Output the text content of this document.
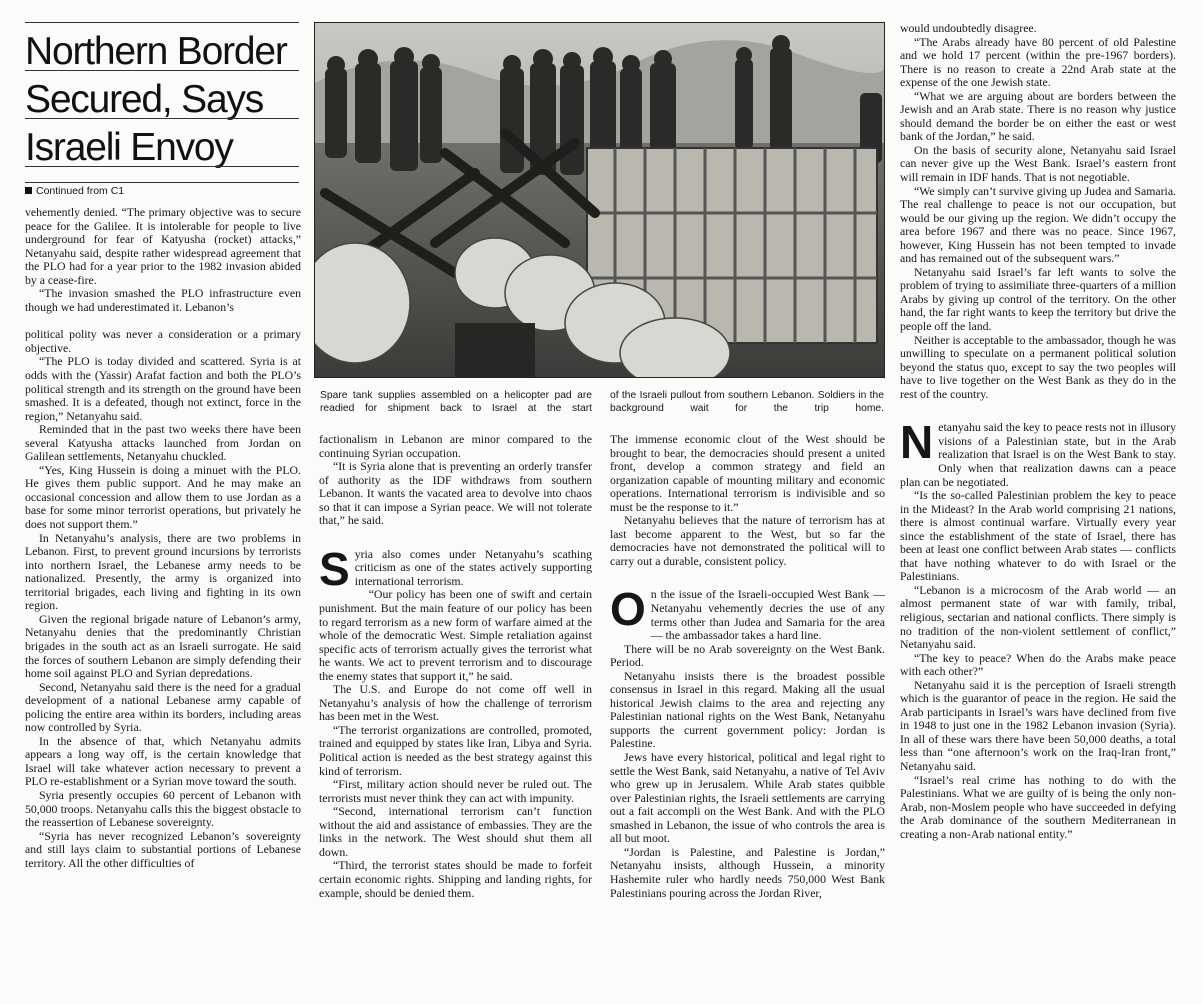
Northern Border
Secured, Says
Israeli Envoy
Continued from C1

vehemently denied. “The primary objective was to secure peace for the Galilee. It is intolerable for people to live underground for fear of Katyusha (rocket) attacks,” Netanyahu said, despite rather widespread agreement that the PLO had for a year prior to the 1982 invasion abided by a cease-fire.

“The invasion smashed the PLO infrastructure even though we had underestimated it. Lebanon’s

political polity was never a consideration or a primary objective.

“The PLO is today divided and scattered. Syria is at odds with the (Yassir) Arafat faction and both the PLO’s political strength and its strength on the ground have been smashed. It is a defeated, though not extinct, force in the region,” Netanyahu said.

Reminded that in the past two weeks there have been several Katyusha attacks launched from Jordan on Galilean settlements, Netanyahu chuckled.

“Yes, King Hussein is doing a minuet with the PLO. He gives them public support. And he may make an occasional concession and allow them to use Jordan as a base for some minor terrorist operations, but privately he does not support them.”

In Netanyahu’s analysis, there are two problems in Lebanon. First, to prevent ground incursions by terrorists into northern Israel, the Lebanese army needs to be nationalized. Presently, the army is organized into territorial brigades, each living and fighting in its own region.

Given the regional brigade nature of Lebanon’s army, Netanyahu denies that the predominantly Christian brigades in the south act as an Israeli surrogate. He said the forces of southern Lebanon are simply defending their home soil against PLO and Syrian depredations.

Second, Netanyahu said there is the need for a gradual development of a national Lebanese army capable of policing the entire area within its borders, including areas now controlled by Syria.

In the absence of that, which Netanyahu admits appears a long way off, is the certain knowledge that Israel will take whatever action necessary to prevent a PLO re-establishment or a Syrian move toward the south.

Syria presently occupies 60 percent of Lebanon with 50,000 troops. Netanyahu calls this the biggest obstacle to the reassertion of Lebanese sovereignty.

“Syria has never recognized Lebanon’s sovereignty and still lays claim to substantial portions of Lebanese territory. All the other difficulties of

Spare tank supplies assembled on a helicopter pad are readied for shipment back to Israel at the start
of the Israeli pullout from southern Lebanon. Soldiers in the background wait for the trip home.

factionalism in Lebanon are minor compared to the continuing Syrian occupation.

“It is Syria alone that is preventing an orderly transfer of authority as the IDF withdraws from southern Lebanon. It wants the vacated area to devolve into chaos so that it can impose a Syrian peace. We will not tolerate that,” he said.

Syria also comes under Netanyahu’s scathing criticism as one of the states actively supporting international terrorism.

“Our policy has been one of swift and certain punishment. But the main feature of our policy has been to regard terrorism as a new form of warfare aimed at the whole of the democratic West. Simple retaliation against specific acts of terrorism actually gives the terrorist what he wants. We act to prevent terrorism and to discourage the enemy states that support it,” he said.

The U.S. and Europe do not come off well in Netanyahu’s analysis of how the challenge of terrorism has been met in the West.

“The terrorist organizations are controlled, promoted, trained and equipped by states like Iran, Libya and Syria. Political action is needed as the best strategy against this kind of terrorism.

“First, military action should never be ruled out. The terrorists must never think they can act with impunity.

“Second, international terrorism can’t function without the aid and assistance of embassies. They are the links in the network. The West should shut them all down.

“Third, the terrorist states should be made to forfeit certain economic rights. Shipping and landing rights, for example, should be denied them.

The immense economic clout of the West should be brought to bear, the democracies should present a united front, develop a common strategy and field an organization capable of mounting military and economic operations. International terrorism is indivisible and so must be the response to it.”

Netanyahu believes that the nature of terrorism has at last become apparent to the West, but so far the democracies have not demonstrated the political will to carry out a durable, consistent policy.

On the issue of the Israeli-occupied West Bank — Netanyahu vehemently decries the use of any terms other than Judea and Samaria for the area — the ambassador takes a hard line.

There will be no Arab sovereignty on the West Bank. Period.

Netanyahu insists there is the broadest possible consensus in Israel in this regard. Making all the usual historical Jewish claims to the area and rejecting any Palestinian national rights on the West Bank, Netanyahu supports the current government policy: Jordan is Palestine.

Jews have every historical, political and legal right to settle the West Bank, said Netanyahu, a native of Tel Aviv who grew up in Jerusalem. While Arab states quibble over Palestinian rights, the Israeli settlements are carrying out a fait accompli on the West Bank. And with the PLO smashed in Lebanon, the issue of who controls the area is all but moot.

“Jordan is Palestine, and Palestine is Jordan,” Netanyahu insists, although Hussein, a minority Hashemite ruler who hardly needs 750,000 West Bank Palestinians pouring across the Jordan River,

would undoubtedly disagree.

“The Arabs already have 80 percent of old Palestine and we hold 17 percent (within the pre-1967 borders). There is no reason to create a 22nd Arab state at the expense of the one Jewish state.

“What we are arguing about are borders between the Jewish and an Arab state. There is no reason why justice should demand the border be on either the east or west bank of the Jordan,” he said.

On the basis of security alone, Netanyahu said Israel can never give up the West Bank. Israel’s eastern front will remain in IDF hands. That is not negotiable.

“We simply can’t survive giving up Judea and Samaria. The real challenge to peace is not our occupation, but would be our giving up the region. We didn’t occupy the area before 1967 and there was no peace. Since 1967, however, King Hussein has not been tempted to invade and has remained out of the subsequent wars.”

Netanyahu said Israel’s far left wants to solve the problem of trying to assimiliate three-quarters of a million Arabs by giving up control of the territory. On the other hand, the far right wants to keep the territory but drive the people off the land.

Neither is acceptable to the ambassador, though he was unwilling to speculate on a permanent political solution beyond the status quo, except to say the two peoples will have to live together on the West Bank as they do in the rest of the country.

Netanyahu said the key to peace rests not in illusory visions of a Palestinian state, but in the Arab realization that Israel is on the West Bank to stay. Only when that realization dawns can a peace plan can be negotiated.

“Is the so-called Palestinian problem the key to peace in the Mideast? In the Arab world comprising 21 nations, there is almost continual warfare. Virtually every year since the establishment of the state of Israel, there has been at least one conflict between Arab states — conflicts that have nothing whatever to do with Israel or the Palestinians.

“Lebanon is a microcosm of the Arab world — an almost permanent state of war with family, tribal, religious, sectarian and national conflicts. There simply is no tradition of the non-violent settlement of conflict,” Netanyahu said.

“The key to peace? When do the Arabs make peace with each other?”

Netanyahu said it is the perception of Israeli strength which is the guarantor of peace in the region. He said the Arab participants in Israel’s wars have declined from five in 1948 to just one in the 1982 Lebanon invasion (Syria). In all of these wars there have been 50,000 deaths, a total less than “one afternoon’s work on the Iraq-Iran front,” Netanyahu said.

“Israel’s real crime has nothing to do with the Palestinians. What we are guilty of is being the only non-Arab, non-Moslem people who have succeeded in defying the Arab dominance of the southern Mediterranean in creating a non-Arab national entity.”
